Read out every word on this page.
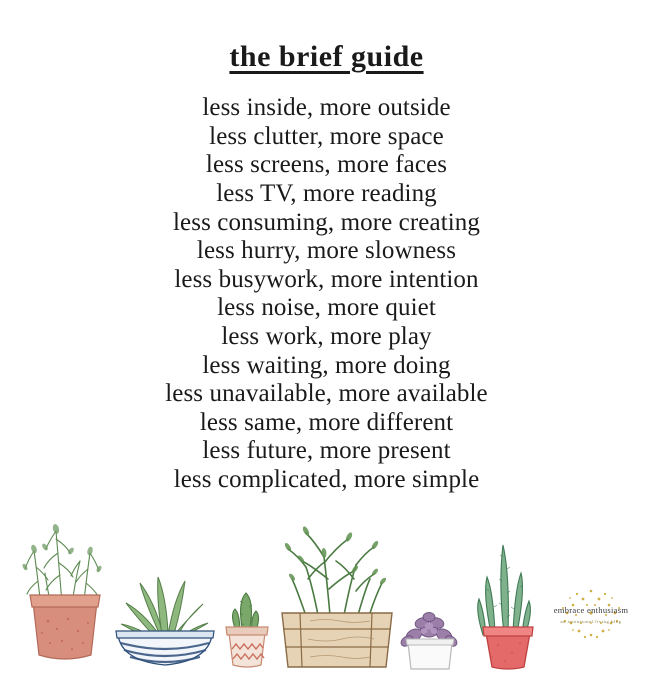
the brief guide
less inside, more outside
less clutter, more space
less screens, more faces
less TV, more reading
less consuming, more creating
less hurry, more slowness
less busywork, more intention
less noise, more quiet
less work, more play
less waiting, more doing
less unavailable, more available
less same, more different
less future, more present
less complicated, more simple
embrace enthusiasm
an intentional living blog
